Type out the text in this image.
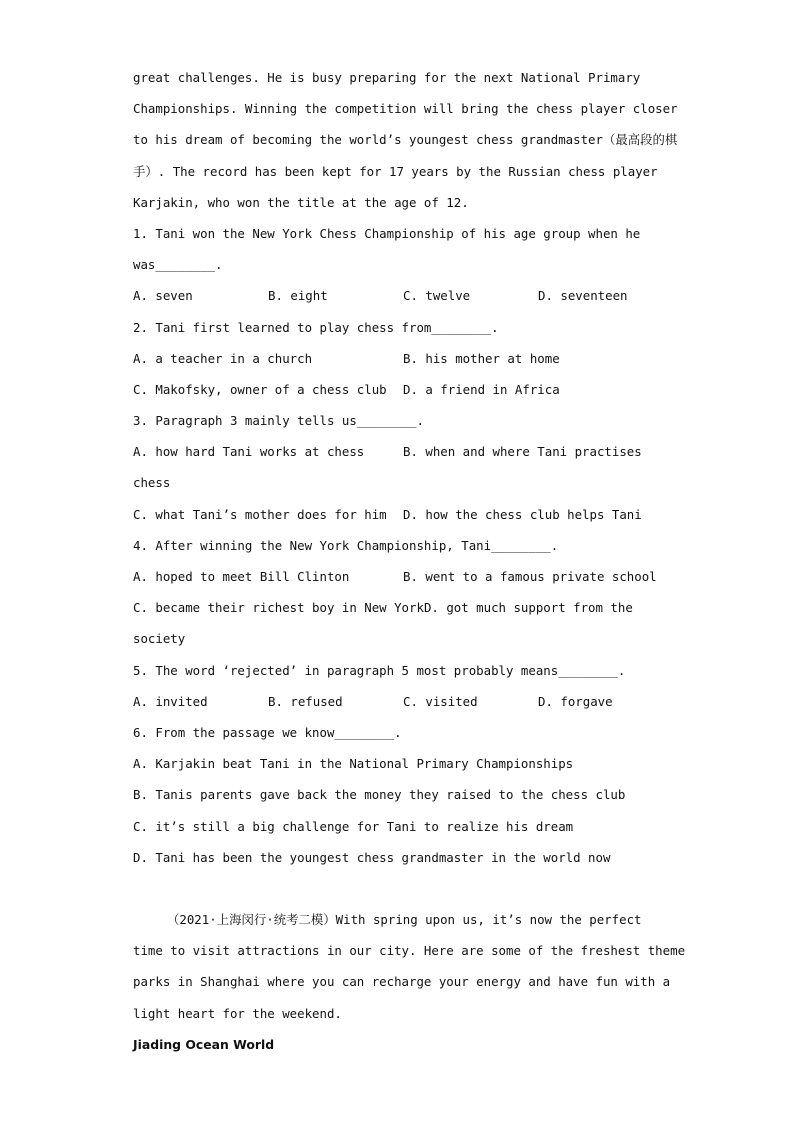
great challenges. He is busy preparing for the next National Primary
Championships. Winning the competition will bring the chess player closer
to his dream of becoming the world’s youngest chess grandmaster（最高段的棋
手）. The record has been kept for 17 years by the Russian chess player
Karjakin, who won the title at the age of 12.
1. Tani won the New York Chess Championship of his age group when he
was________.
A. seven	B. eight	C. twelve	D. seventeen
2. Tani first learned to play chess from________.
A. a teacher in a church	B. his mother at home
C. Makofsky, owner of a chess club	D. a friend in Africa
3. Paragraph 3 mainly tells us________.
A. how hard Tani works at chess	B. when and where Tani practises
chess
C. what Tani’s mother does for him	D. how the chess club helps Tani
4. After winning the New York Championship, Tani________.
A. hoped to meet Bill Clinton	B. went to a famous private school
C. became their richest boy in New York D. got much support from the
society
5. The word ‘rejected’ in paragraph 5 most probably means________.
A. invited	B. refused	C. visited	D. forgave
6. From the passage we know________.
A. Karjakin beat Tani in the National Primary Championships
B. Tanis parents gave back the money they raised to the chess club
C. it’s still a big challenge for Tani to realize his dream
D. Tani has been the youngest chess grandmaster in the world now
（2021·上海闵行·统考二模）With spring upon us, it’s now the perfect
time to visit attractions in our city. Here are some of the freshest theme
parks in Shanghai where you can recharge your energy and have fun with a
light heart for the weekend.
Jiading Ocean World
